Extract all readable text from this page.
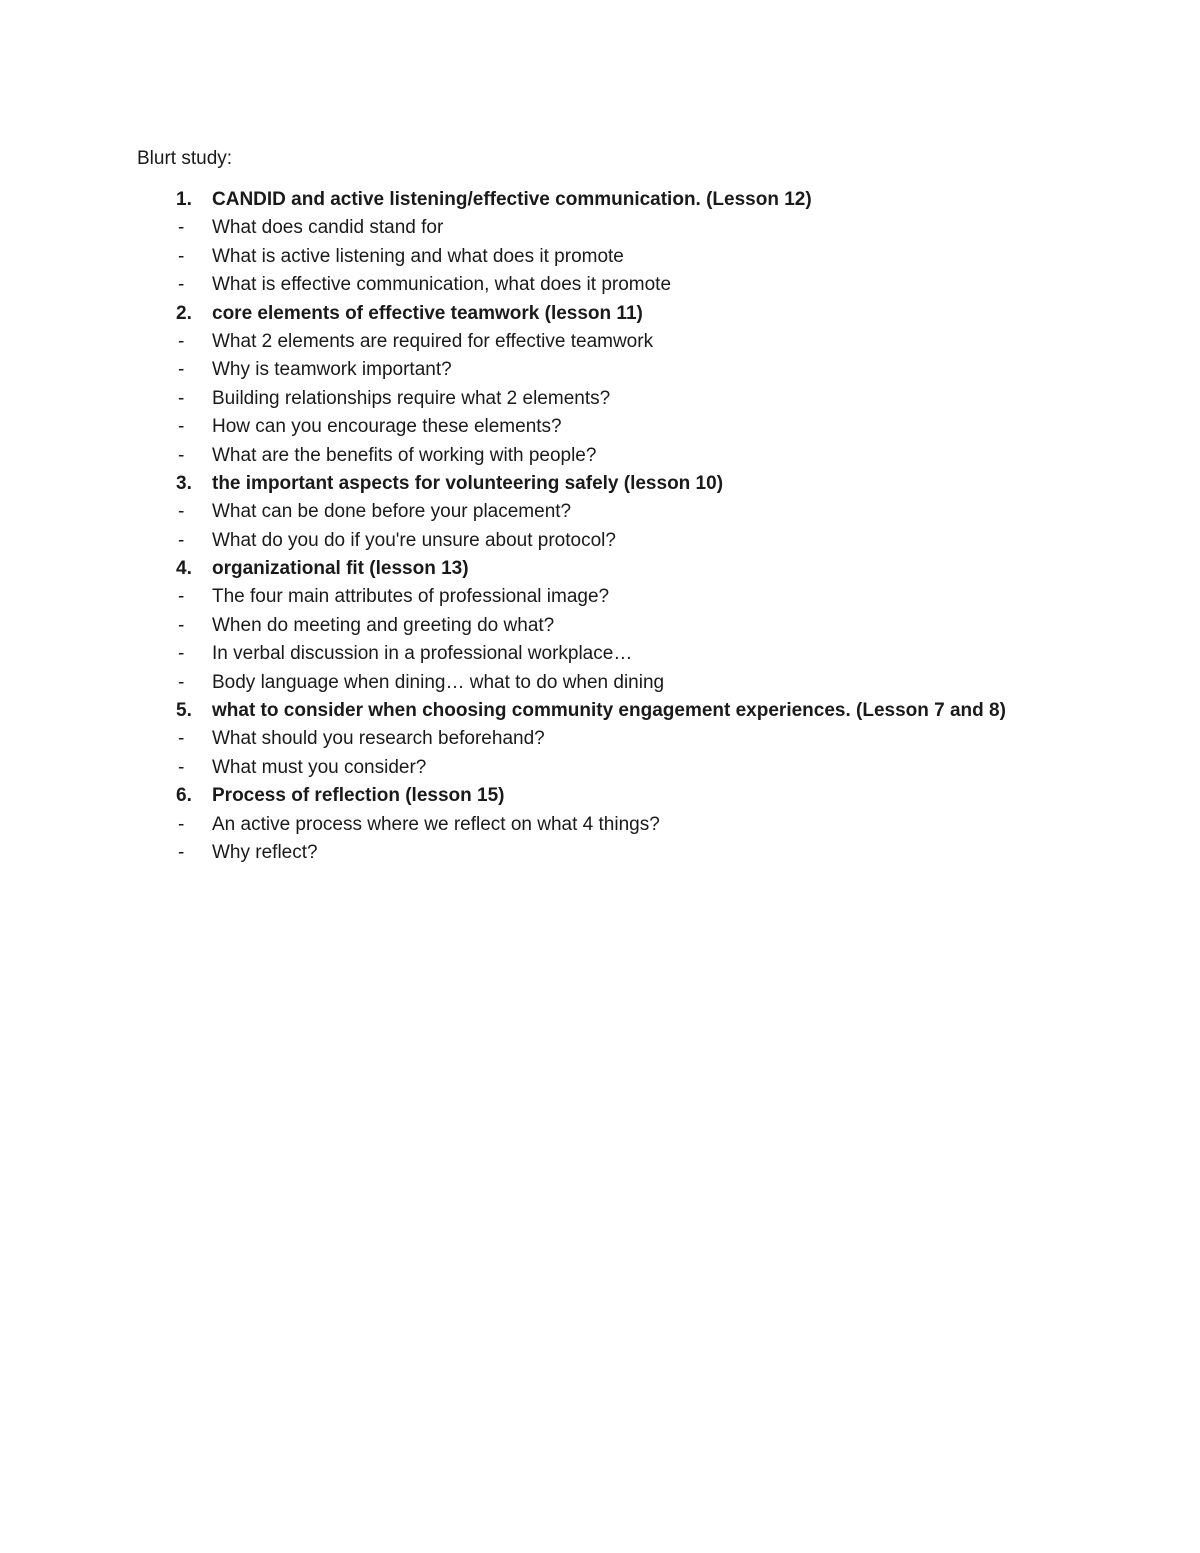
Blurt study:
1. CANDID and active listening/effective communication. (Lesson 12)
- What does candid stand for
- What is active listening and what does it promote
- What is effective communication, what does it promote
2. core elements of effective teamwork (lesson 11)
- What 2 elements are required for effective teamwork
- Why is teamwork important?
- Building relationships require what 2 elements?
- How can you encourage these elements?
- What are the benefits of working with people?
3. the important aspects for volunteering safely (lesson 10)
- What can be done before your placement?
- What do you do if you're unsure about protocol?
4. organizational fit (lesson 13)
- The four main attributes of professional image?
- When do meeting and greeting do what?
- In verbal discussion in a professional workplace…
- Body language when dining… what to do when dining
5. what to consider when choosing community engagement experiences. (Lesson 7 and 8)
- What should you research beforehand?
- What must you consider?
6. Process of reflection (lesson 15)
- An active process where we reflect on what 4 things?
- Why reflect?
